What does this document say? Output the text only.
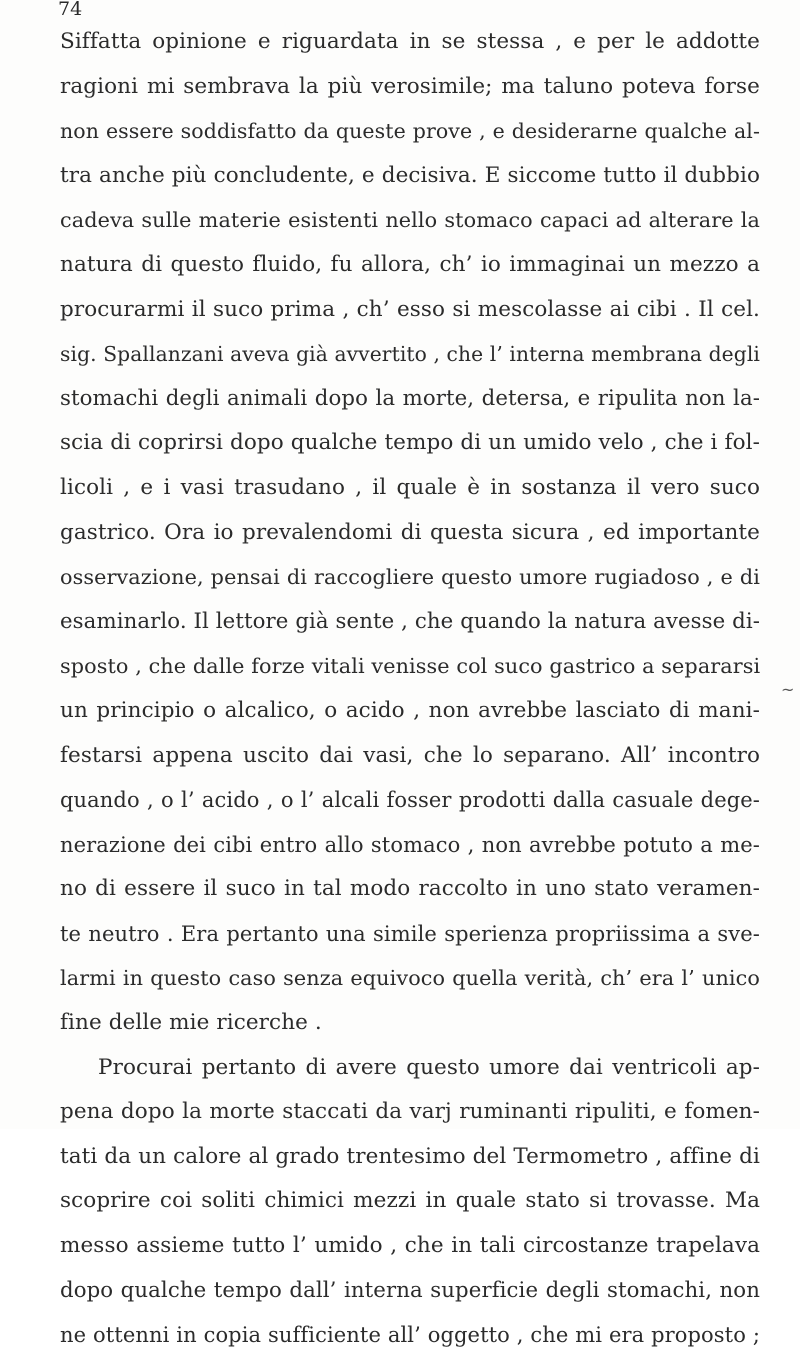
74
Siffatta opinione e riguardata in se stessa , e per le addotte
ragioni mi sembrava la più verosimile; ma taluno poteva forse
non essere soddisfatto da queste prove , e desiderarne qualche al-
tra anche più concludente, e decisiva. E siccome tutto il dubbio
cadeva sulle materie esistenti nello stomaco capaci ad alterare la
natura di questo fluido, fu allora, ch’ io immaginai un mezzo a
procurarmi il suco prima , ch’ esso si mescolasse ai cibi . Il cel.
sig. Spallanzani aveva già avvertito , che l’ interna membrana degli
stomachi degli animali dopo la morte, detersa, e ripulita non la-
scia di coprirsi dopo qualche tempo di un umido velo , che i fol-
licoli , e i vasi trasudano , il quale è in sostanza il vero suco
gastrico. Ora io prevalendomi di questa sicura , ed importante
osservazione, pensai di raccogliere questo umore rugiadoso , e di
esaminarlo. Il lettore già sente , che quando la natura avesse di-
sposto , che dalle forze vitali venisse col suco gastrico a separarsi
un principio o alcalico, o acido , non avrebbe lasciato di mani-
festarsi appena uscito dai vasi, che lo separano. All’ incontro
quando , o l’ acido , o l’ alcali fosser prodotti dalla casuale dege-
nerazione dei cibi entro allo stomaco , non avrebbe potuto a me-
no di essere il suco in tal modo raccolto in uno stato veramen-
te neutro . Era pertanto una simile sperienza propriissima a sve-
larmi in questo caso senza equivoco quella verità, ch’ era l’ unico
fine delle mie ricerche .
Procurai pertanto di avere questo umore dai ventricoli ap-
pena dopo la morte staccati da varj ruminanti ripuliti, e fomen-
tati da un calore al grado trentesimo del Termometro , affine di
scoprire coi soliti chimici mezzi in quale stato si trovasse. Ma
messo assieme tutto l’ umido , che in tali circostanze trapelava
dopo qualche tempo dall’ interna superficie degli stomachi, non
ne ottenni in copia sufficiente all’ oggetto , che mi era proposto ;
~
